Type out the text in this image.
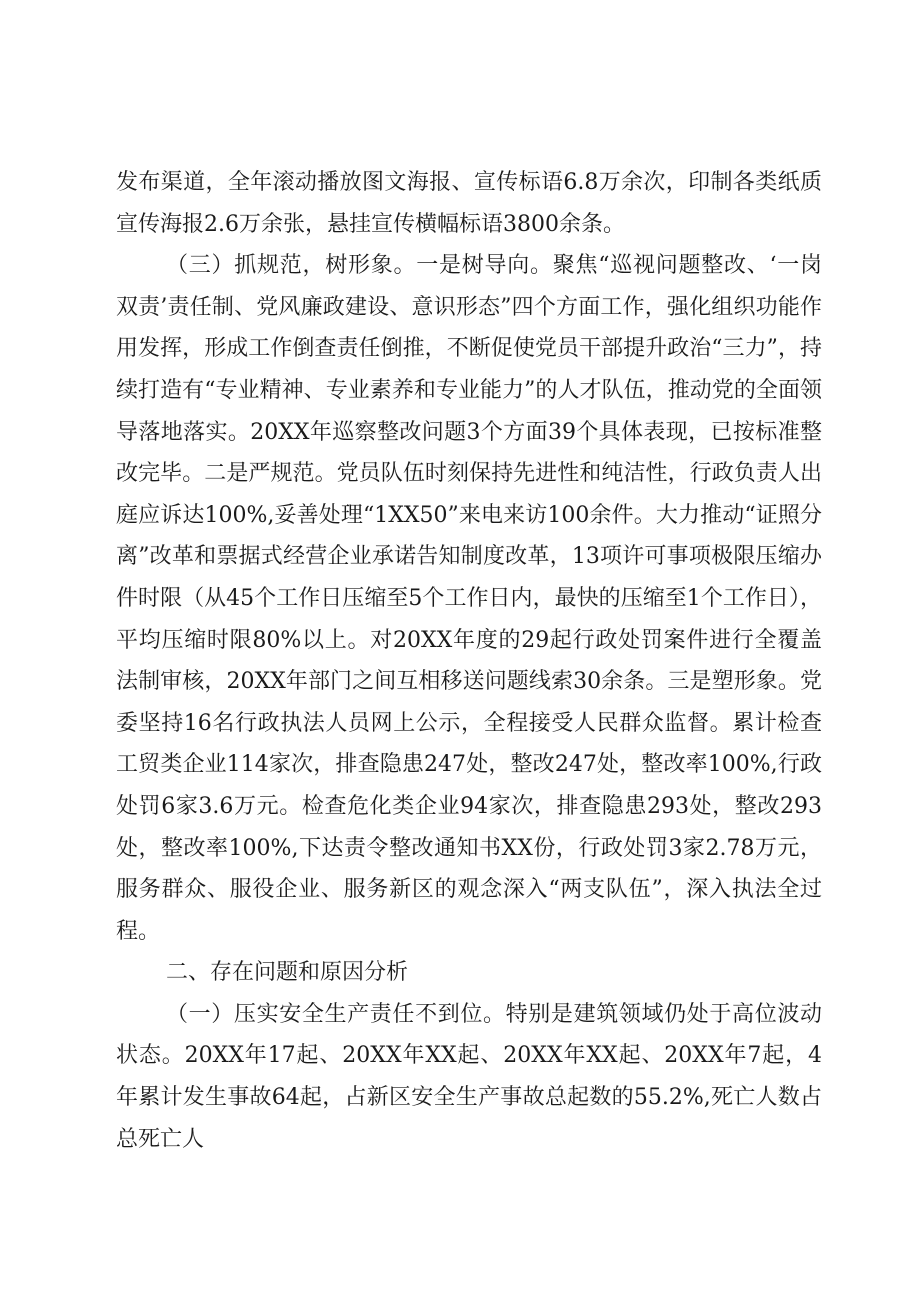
发布渠道，全年滚动播放图文海报、宣传标语6.8万余次，印制各类纸质宣传海报2.6万余张，悬挂宣传横幅标语3800余条。

（三）抓规范，树形象。一是树导向。聚焦“巡视问题整改、‘一岗双责’责任制、党风廉政建设、意识形态”四个方面工作，强化组织功能作用发挥，形成工作倒查责任倒推，不断促使党员干部提升政治“三力”，持续打造有“专业精神、专业素养和专业能力”的人才队伍，推动党的全面领导落地落实。20XX年巡察整改问题3个方面39个具体表现，已按标准整改完毕。二是严规范。党员队伍时刻保持先进性和纯洁性，行政负责人出庭应诉达100%,妥善处理“1XX50”来电来访100余件。大力推动“证照分离”改革和票据式经营企业承诺告知制度改革，13项许可事项极限压缩办件时限（从45个工作日压缩至5个工作日内，最快的压缩至1个工作日），平均压缩时限80%以上。对20XX年度的29起行政处罚案件进行全覆盖法制审核，20XX年部门之间互相移送问题线索30余条。三是塑形象。党委坚持16名行政执法人员网上公示，全程接受人民群众监督。累计检查工贸类企业114家次，排查隐患247处，整改247处，整改率100%,行政处罚6家3.6万元。检查危化类企业94家次，排查隐患293处，整改293处，整改率100%,下达责令整改通知书XX份，行政处罚3家2.78万元，服务群众、服役企业、服务新区的观念深入“两支队伍”，深入执法全过程。

二、存在问题和原因分析

（一）压实安全生产责任不到位。特别是建筑领域仍处于高位波动状态。20XX年17起、20XX年XX起、20XX年XX起、20XX年7起，4年累计发生事故64起，占新区安全生产事故总起数的55.2%,死亡人数占总死亡人
